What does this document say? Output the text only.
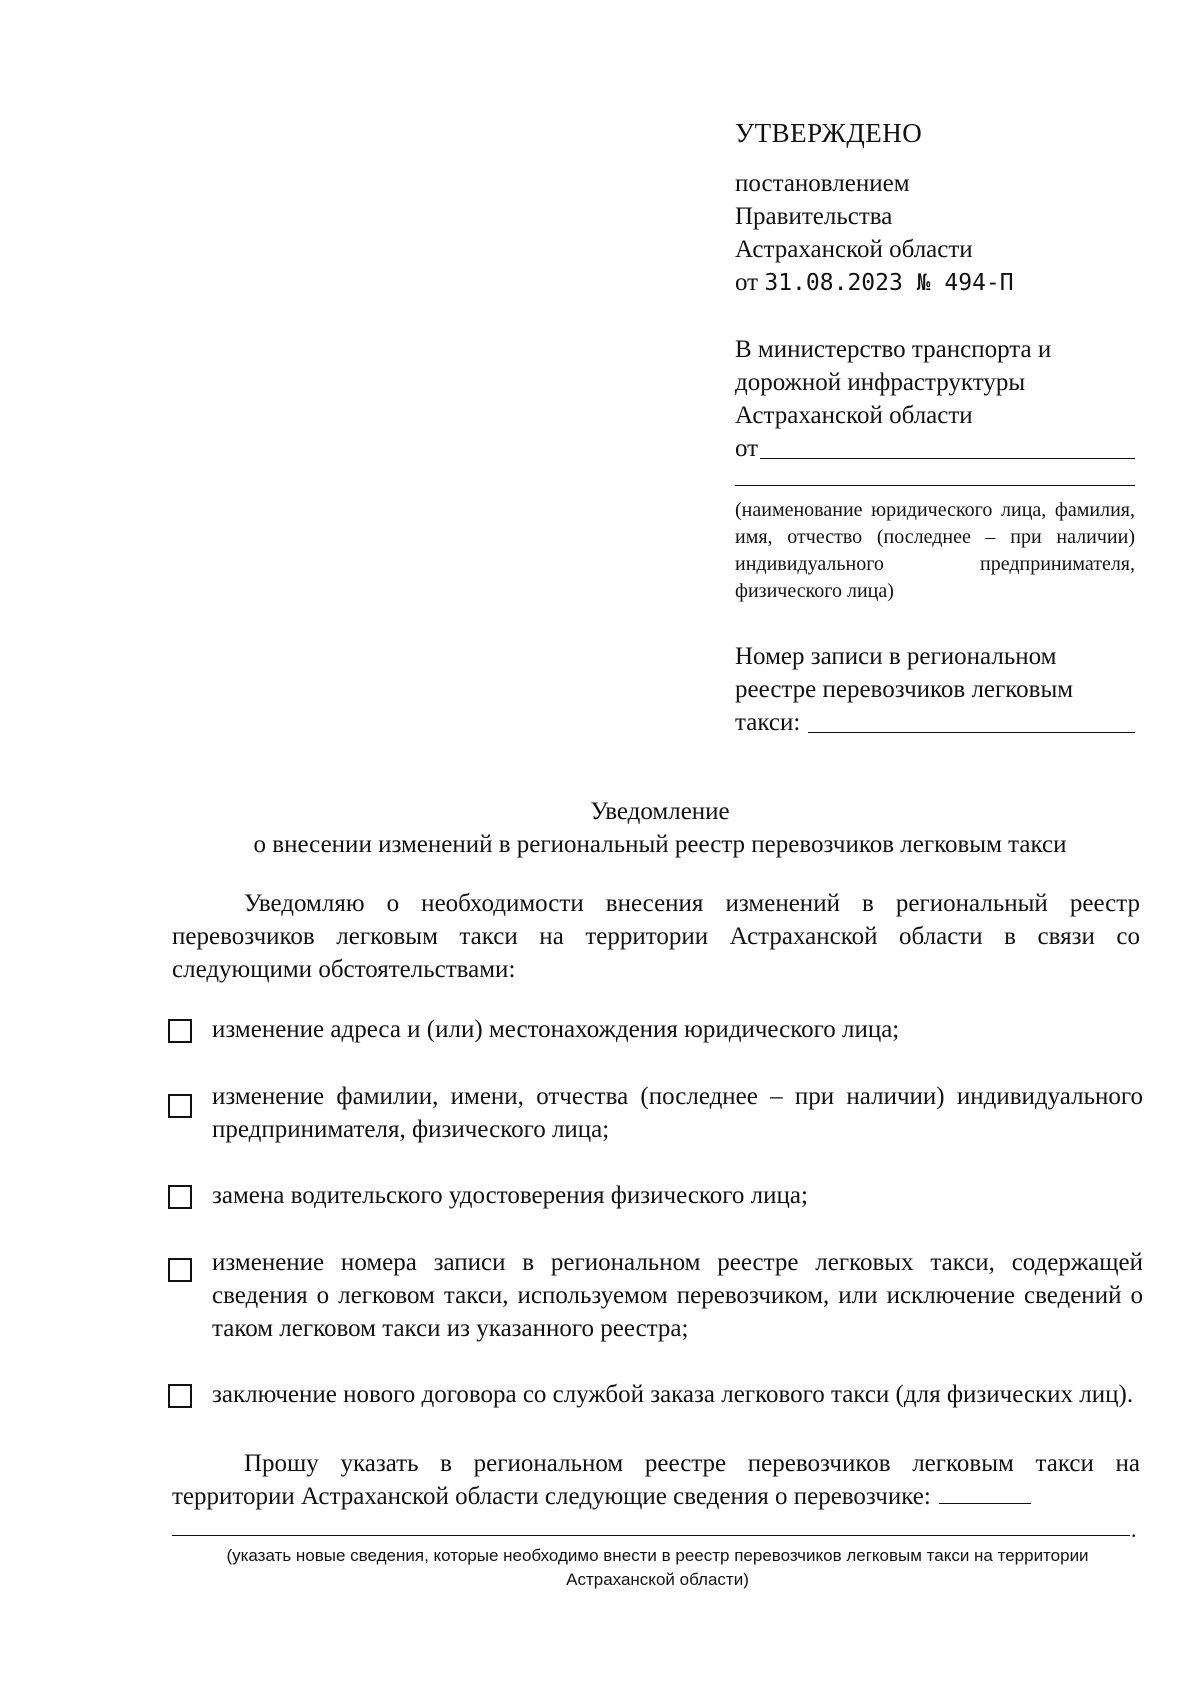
УТВЕРЖДЕНО
постановлением
Правительства
Астраханской области
от 31.08.2023 № 494-П
В министерство транспорта и
дорожной инфраструктуры
Астраханской области
от
(наименование юридического лица, фамилия, имя, отчество (последнее – при наличии) индивидуального предпринимателя, физического лица)
Номер записи в региональном реестре перевозчиков легковым
такси:
Уведомление
о внесении изменений в региональный реестр перевозчиков легковым такси
Уведомляю о необходимости внесения изменений в региональный реестр перевозчиков легковым такси на территории Астраханской области в связи со следующими обстоятельствами:
изменение адреса и (или) местонахождения юридического лица;
изменение фамилии, имени, отчества (последнее – при наличии) индивидуального предпринимателя, физического лица;
замена водительского удостоверения физического лица;
изменение номера записи в региональном реестре легковых такси, содержащей сведения о легковом такси, используемом перевозчиком, или исключение сведений о таком легковом такси из указанного реестра;
заключение нового договора со службой заказа легкового такси (для физических лиц).
Прошу указать в региональном реестре перевозчиков легковым такси на территории Астраханской области следующие сведения о перевозчике:
.
(указать новые сведения, которые необходимо внести в реестр перевозчиков легковым такси на территории Астраханской области)
